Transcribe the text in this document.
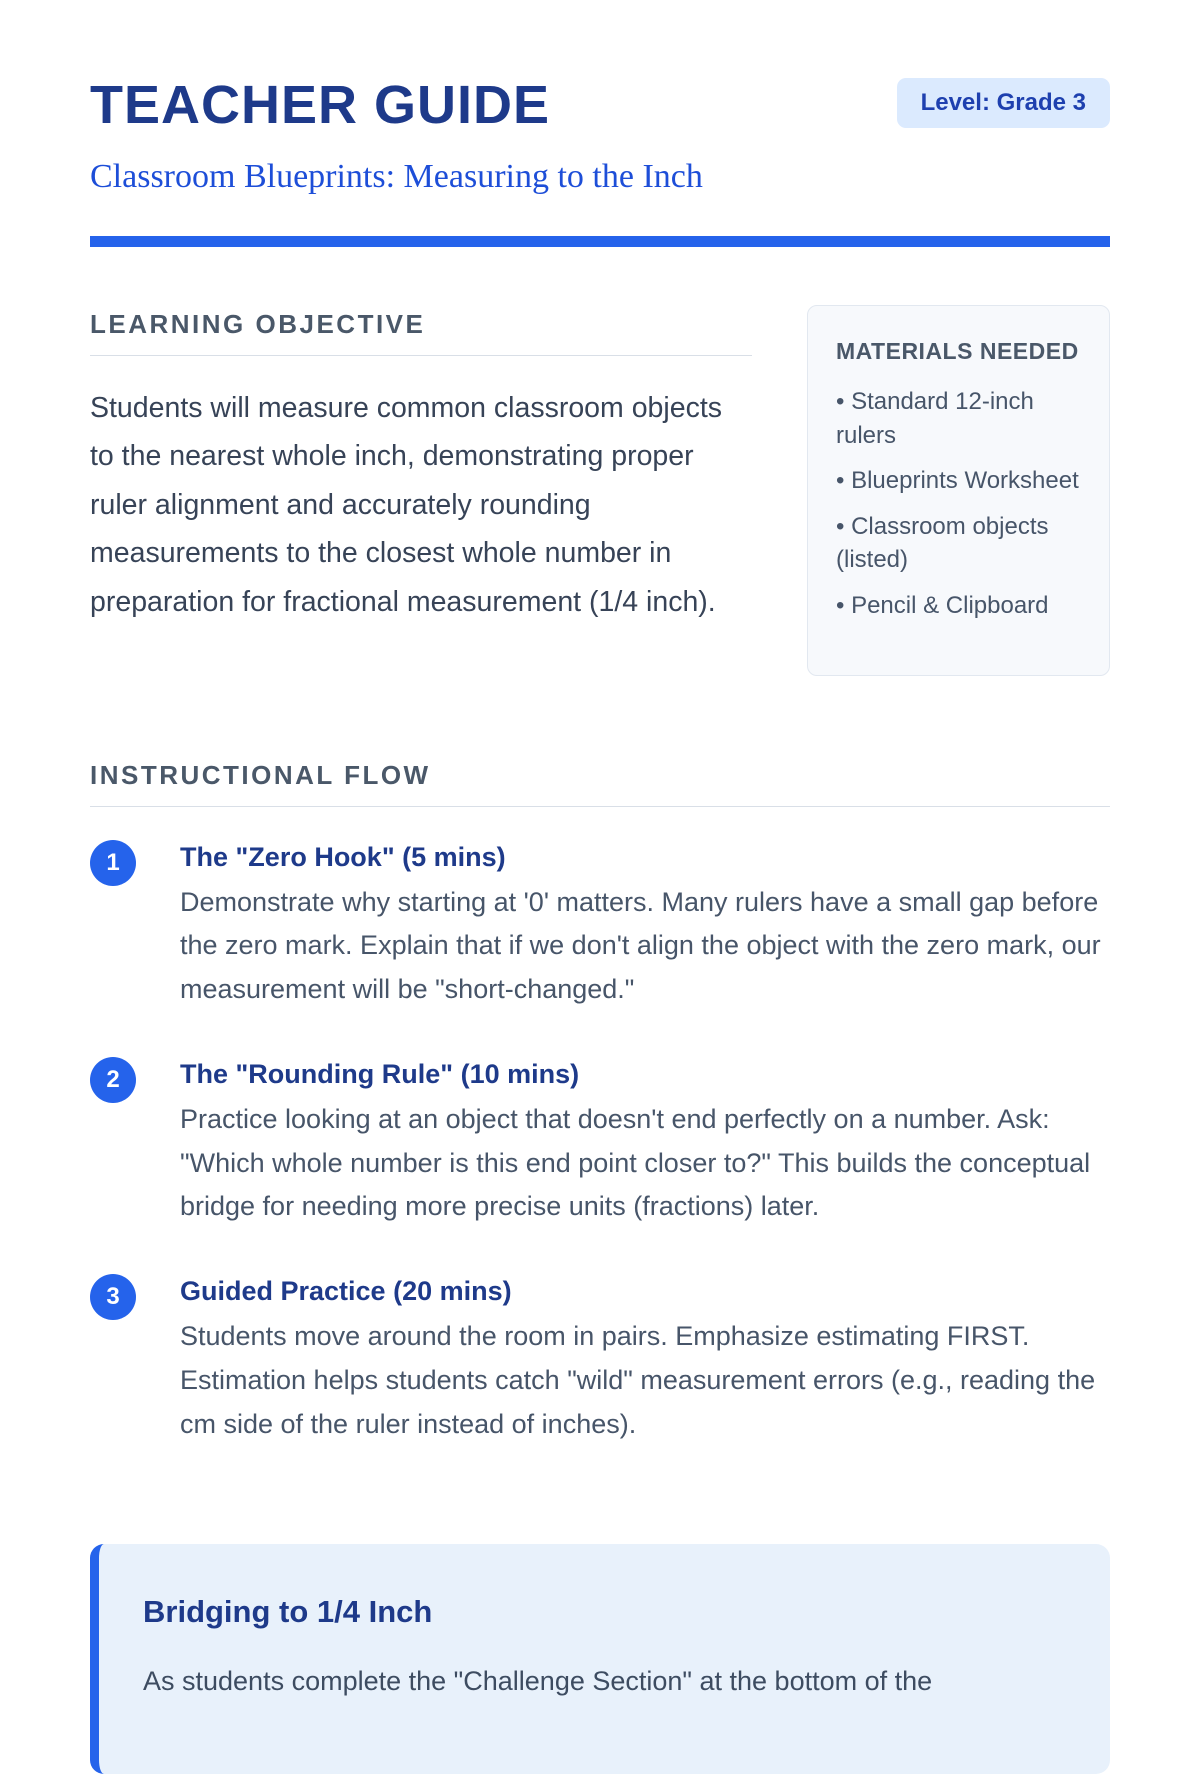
TEACHER GUIDE	Level: Grade 3
Classroom Blueprints: Measuring to the Inch
LEARNING OBJECTIVE

Students will measure common classroom objects to the nearest whole inch, demonstrating proper ruler alignment and accurately rounding measurements to the closest whole number in preparation for fractional measurement (1/4 inch).

MATERIALS NEEDED
• Standard 12-inch rulers
• Blueprints Worksheet
• Classroom objects (listed)
• Pencil & Clipboard
INSTRUCTIONAL FLOW
1	The "Zero Hook" (5 mins)
Demonstrate why starting at '0' matters. Many rulers have a small gap before the zero mark. Explain that if we don't align the object with the zero mark, our measurement will be "short-changed."
2	The "Rounding Rule" (10 mins)
Practice looking at an object that doesn't end perfectly on a number. Ask: "Which whole number is this end point closer to?" This builds the conceptual bridge for needing more precise units (fractions) later.
3	Guided Practice (20 mins)
Students move around the room in pairs. Emphasize estimating FIRST. Estimation helps students catch "wild" measurement errors (e.g., reading the cm side of the ruler instead of inches).
Bridging to 1/4 Inch

As students complete the "Challenge Section" at the bottom of the
